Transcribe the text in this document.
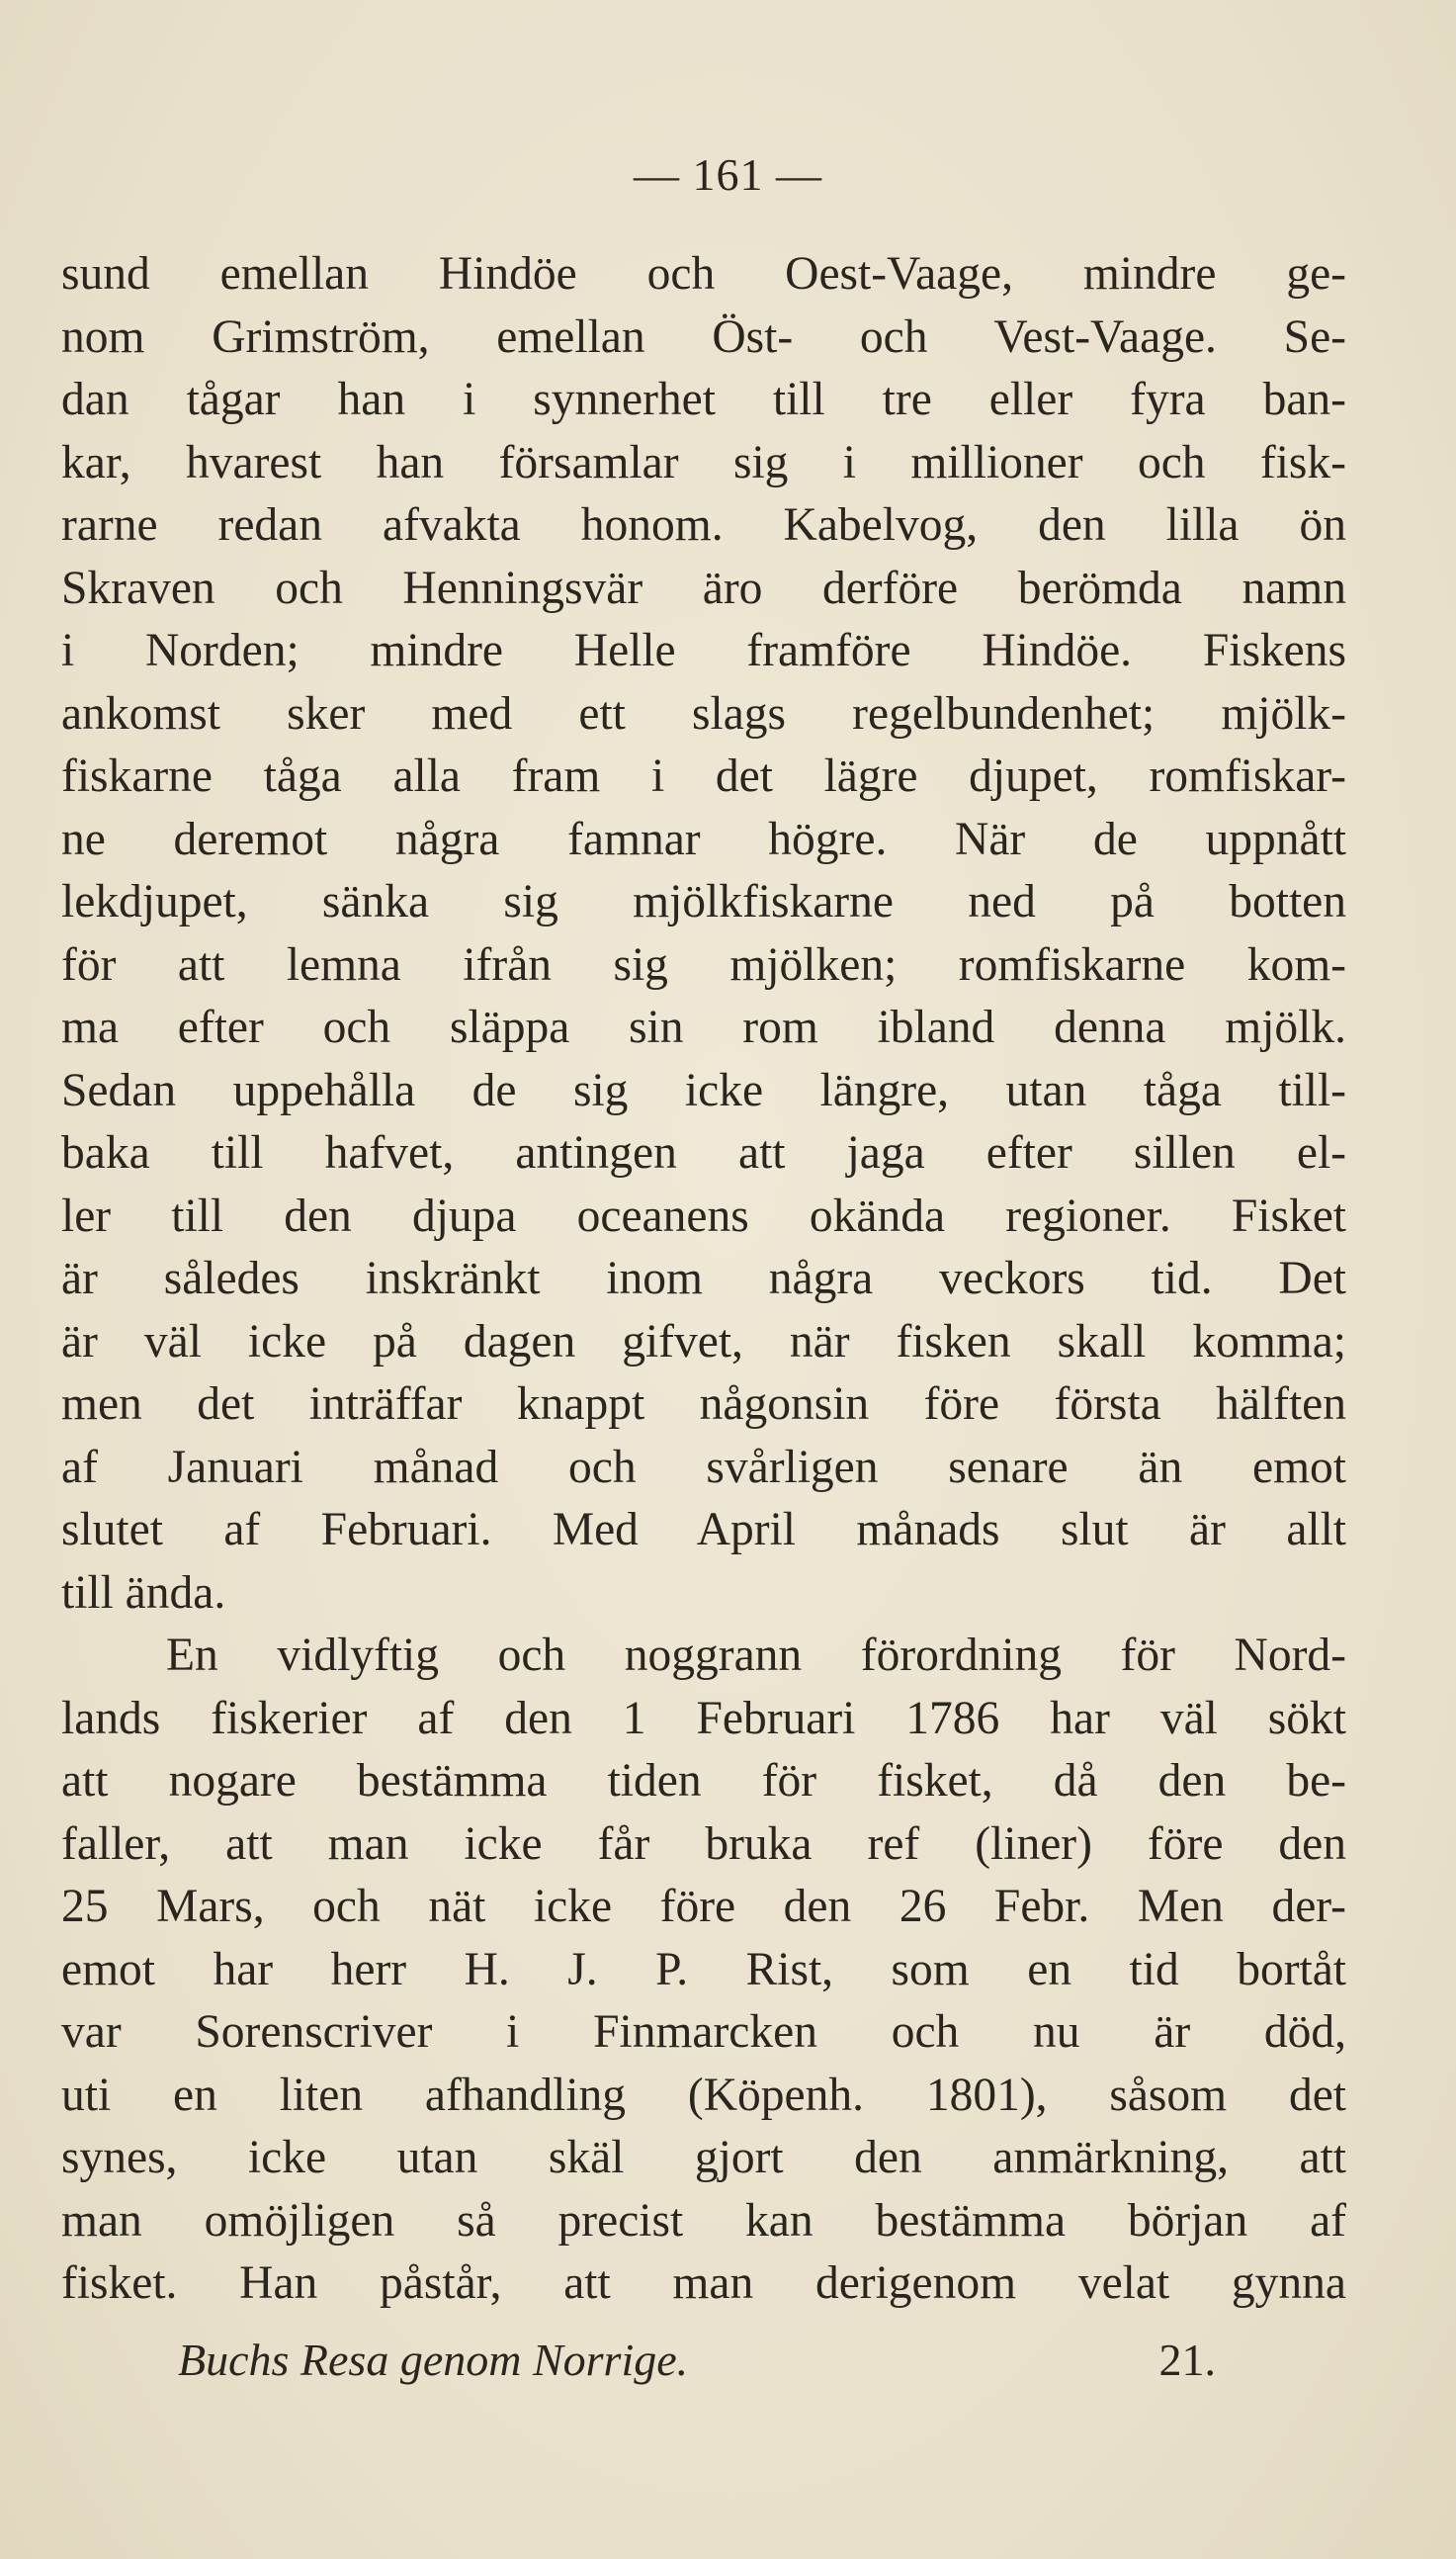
— 161 —
sund emellan Hindöe och Oest-Vaage, mindre ge-
nom Grimström, emellan Öst- och Vest-Vaage. Se-
dan tågar han i synnerhet till tre eller fyra ban-
kar, hvarest han församlar sig i millioner och fisk-
rarne redan afvakta honom. Kabelvog, den lilla ön
Skraven och Henningsvär äro derföre berömda namn
i Norden; mindre Helle framföre Hindöe. Fiskens
ankomst sker med ett slags regelbundenhet; mjölk-
fiskarne tåga alla fram i det lägre djupet, romfiskar-
ne deremot några famnar högre. När de uppnått
lekdjupet, sänka sig mjölkfiskarne ned på botten
för att lemna ifrån sig mjölken; romfiskarne kom-
ma efter och släppa sin rom ibland denna mjölk.
Sedan uppehålla de sig icke längre, utan tåga till-
baka till hafvet, antingen att jaga efter sillen el-
ler till den djupa oceanens okända regioner. Fisket
är således inskränkt inom några veckors tid. Det
är väl icke på dagen gifvet, när fisken skall komma;
men det inträffar knappt någonsin före första hälften
af Januari månad och svårligen senare än emot
slutet af Februari. Med April månads slut är allt
till ända.
En vidlyftig och noggrann förordning för Nord-
lands fiskerier af den 1 Februari 1786 har väl sökt
att nogare bestämma tiden för fisket, då den be-
faller, att man icke får bruka ref (liner) före den
25 Mars, och nät icke före den 26 Febr. Men der-
emot har herr H. J. P. Rist, som en tid bortåt
var Sorenscriver i Finmarcken och nu är död,
uti en liten afhandling (Köpenh. 1801), såsom det
synes, icke utan skäl gjort den anmärkning, att
man omöjligen så precist kan bestämma början af
fisket. Han påstår, att man derigenom velat gynna
Buchs Resa genom Norrige.	21.
